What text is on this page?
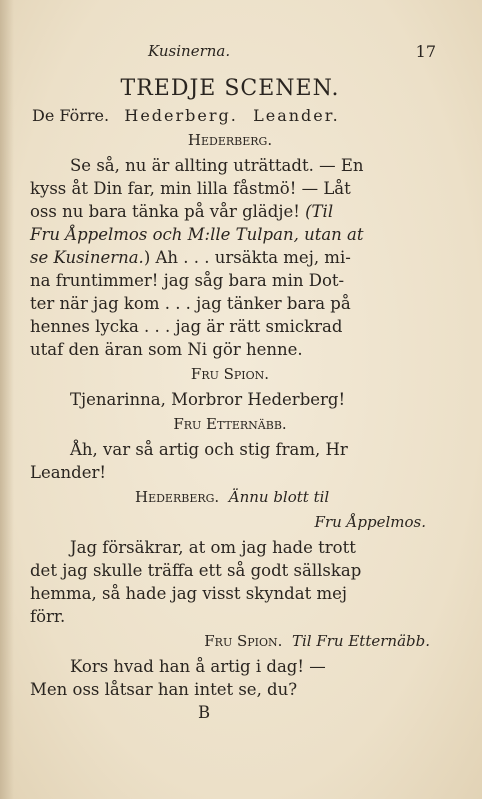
Kusinerna.	17
TREDJE SCENEN.
De Förre. Hederberg. Leander.
Hederberg.
Se så, nu är allting uträttadt. — En
kyss åt Din far, min lilla fåstmö! — Låt
oss nu bara tänka på vår glädje! (Til
Fru Åppelmos och M:lle Tulpan, utan at
se Kusinerna.) Ah . . . ursäkta mej, mi-
na fruntimmer! jag såg bara min Dot-
ter när jag kom . . . jag tänker bara på
hennes lycka . . . jag är rätt smickrad
utaf den äran som Ni gör henne.
Fru Spion.
Tjenarinna, Morbror Hederberg!
Fru Etternäbb.
Åh, var så artig och stig fram, Hr
Leander!
Hederberg. Ännu blott til
Fru Åppelmos.
Jag försäkrar, at om jag hade trott
det jag skulle träffa ett så godt sällskap
hemma, så hade jag visst skyndat mej
förr.
Fru Spion. Til Fru Etternäbb.
Kors hvad han å artig i dag! —
Men oss låtsar han intet se, du?
B
